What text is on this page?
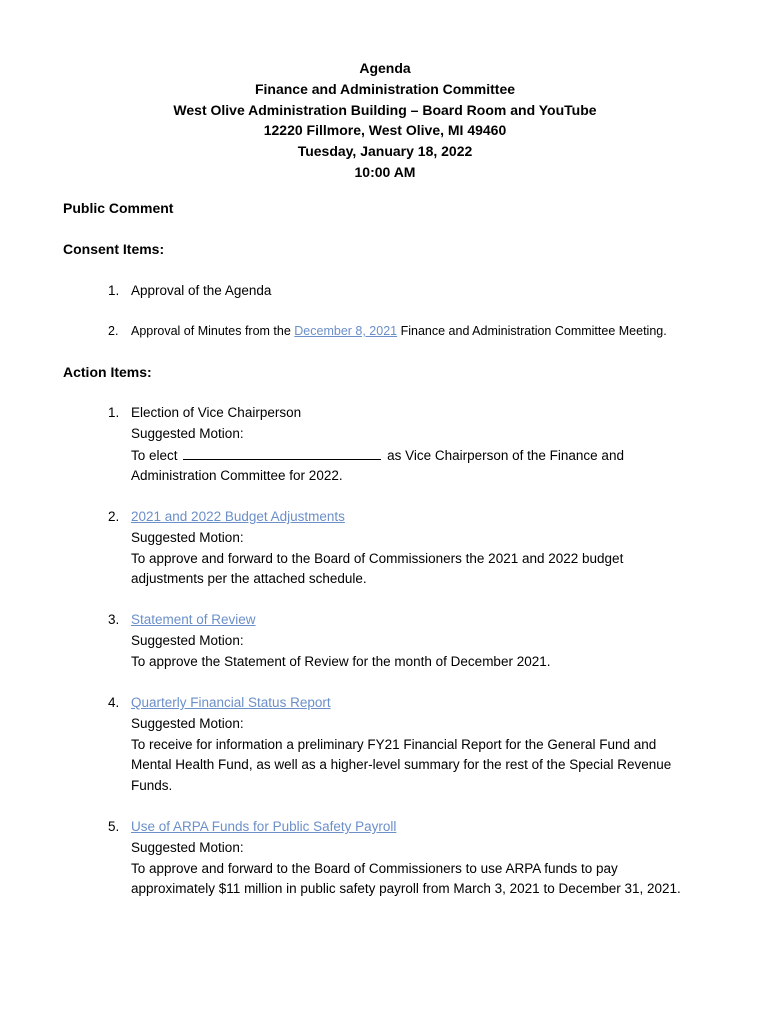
Agenda
Finance and Administration Committee
West Olive Administration Building – Board Room and YouTube
12220 Fillmore, West Olive, MI 49460
Tuesday, January 18, 2022
10:00 AM
Public Comment
Consent Items:
1. Approval of the Agenda
2.	Approval of Minutes from the December 8, 2021 Finance and Administration Committee Meeting.
Action Items:
1. Election of Vice Chairperson
Suggested Motion:
To elect	as Vice Chairperson of the Finance and
Administration Committee for 2022.
2. 2021 and 2022 Budget Adjustments
Suggested Motion:
To approve and forward to the Board of Commissioners the 2021 and 2022 budget
adjustments per the attached schedule.
3. Statement of Review
Suggested Motion:
To approve the Statement of Review for the month of December 2021.
4. Quarterly Financial Status Report
Suggested Motion:
To receive for information a preliminary FY21 Financial Report for the General Fund and
Mental Health Fund, as well as a higher-level summary for the rest of the Special Revenue
Funds.
5. Use of ARPA Funds for Public Safety Payroll
Suggested Motion:
To approve and forward to the Board of Commissioners to use ARPA funds to pay
approximately $11 million in public safety payroll from March 3, 2021 to December 31, 2021.
